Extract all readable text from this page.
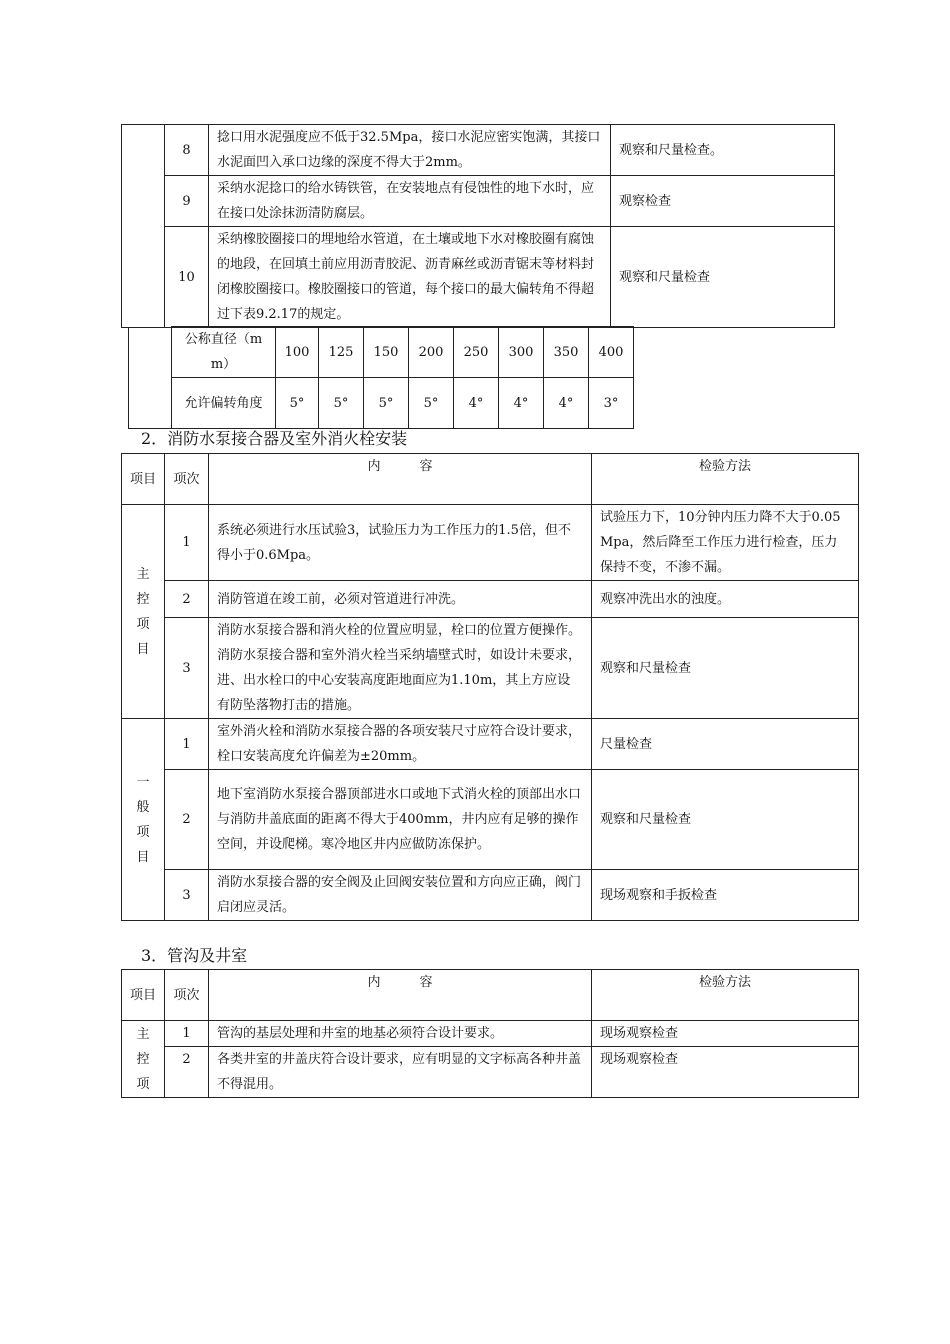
	8	捻口用水泥强度应不低于32.5Mpa，接口水泥应密实饱满，其接口水泥面凹入承口边缘的深度不得大于2mm。	观察和尺量检查。
	9	采纳水泥捻口的给水铸铁管，在安装地点有侵蚀性的地下水时，应在接口处涂抹沥清防腐层。	观察检查
	10	采纳橡胶圈接口的埋地给水管道，在土壤或地下水对橡胶圈有腐蚀的地段，在回填土前应用沥青胶泥、沥青麻丝或沥青锯末等材料封闭橡胶圈接口。橡胶圈接口的管道，每个接口的最大偏转角不得超过下表9.2.17的规定。	观察和尺量检查
	公称直径（mm）	100	125	150	200	250	300	350	400
	允许偏转角度	5°	5°	5°	5°	4°	4°	4°	3°
2．消防水泵接合器及室外消火栓安装
项目	项次	内　　　容	检验方法
主控项目	1	系统必须进行水压试验3，试验压力为工作压力的1.5倍，但不得小于0.6Mpa。	试验压力下，10分钟内压力降不大于0.05Mpa，然后降至工作压力进行检查，压力保持不变，不渗不漏。
	2	消防管道在竣工前，必须对管道进行冲洗。	观察冲洗出水的浊度。
	3	消防水泵接合器和消火栓的位置应明显，栓口的位置方便操作。消防水泵接合器和室外消火栓当采纳墙壁式时，如设计未要求，进、出水栓口的中心安装高度距地面应为1.10m，其上方应设有防坠落物打击的措施。	观察和尺量检查
一般项目	1	室外消火栓和消防水泵接合器的各项安装尺寸应符合设计要求，栓口安装高度允许偏差为±20mm。	尺量检查
	2	地下室消防水泵接合器顶部进水口或地下式消火栓的顶部出水口与消防井盖底面的距离不得大于400mm，井内应有足够的操作空间，并设爬梯。寒冷地区井内应做防冻保护。	观察和尺量检查
	3	消防水泵接合器的安全阀及止回阀安装位置和方向应正确，阀门启闭应灵活。	现场观察和手扳检查
3．管沟及井室
项目	项次	内　　　容	检验方法
主控项	1	管沟的基层处理和井室的地基必须符合设计要求。	现场观察检查
	2	各类井室的井盖庆符合设计要求，应有明显的文字标高各种井盖不得混用。	现场观察检查
